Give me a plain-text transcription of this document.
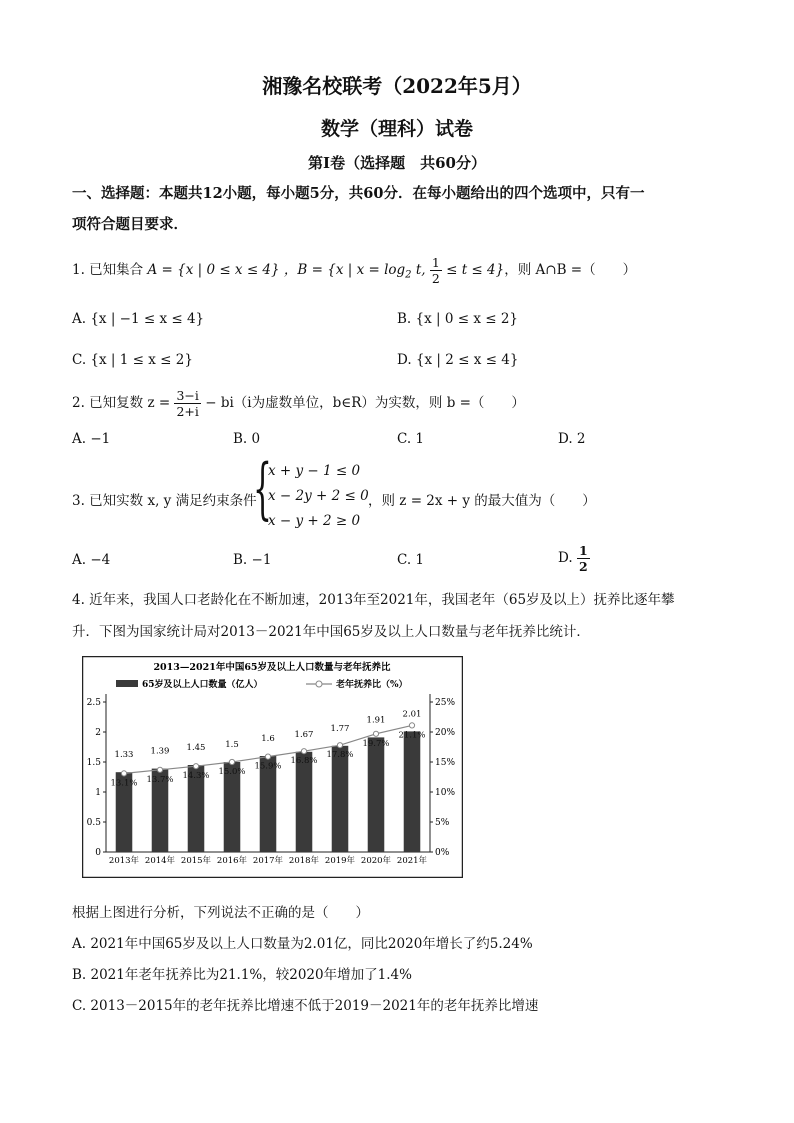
湘豫名校联考（2022年5月）
数学（理科）试卷
第Ⅰ卷（选择题　共60分）
一、选择题：本题共12小题，每小题5分，共60分．在每小题给出的四个选项中，只有一
项符合题目要求．
1. 已知集合 A = {x | 0 ≤ x ≤ 4} ，B = {x | $x = \log_2 t$, $\frac{1}{2} \le t \le 4$}，则 A∩B =（　　）
A. {x | −1 ≤ x ≤ 4}	B. {x | 0 ≤ x ≤ 2}
C. {x | 1 ≤ x ≤ 2}	D. {x | 2 ≤ x ≤ 4}
2. 已知复数 $z = \frac{3-i}{2+i} - bi(i$为虚数单位，b∈R）为实数，则 b =（　　）
A. −1	B. 0	C. 1	D. 2
3. 已知实数 x, y 满足约束条件
{
x + y − 1 ≤ 0
x − 2y + 2 ≤ 0
x − y + 2 ≥ 0
，则 z = 2x + y 的最大值为（　　）
A. −4	B. −1	C. 1	D. $\frac{1}{2}$
4. 近年来，我国人口老龄化在不断加速，2013年至2021年，我国老年（65岁及以上）抚养比逐年攀
升．下图为国家统计局对2013－2021年中国65岁及以上人口数量与老年抚养比统计．
2013—2021年中国65岁及以上人口数量与老年抚养比
65岁及以上人口数量（亿人）	老年抚养比（%）
0
0.5
1
1.5
2
2.5
0%
5%
10%
15%
20%
25%
2013年
1.33
13.1%
2014年
1.39
13.7%
2015年
1.45
14.3%
2016年
1.5
15.0%
2017年
1.6
15.9%
2018年
1.67
16.8%
2019年
1.77
17.8%
2020年
1.91
19.7%
2021年
2.01
21.1%
根据上图进行分析，下列说法不正确的是（　　）
A. 2021年中国65岁及以上人口数量为2.01亿，同比2020年增长了约5.24%
B. 2021年老年抚养比为21.1%，较2020年增加了1.4%
C. 2013－2015年的老年抚养比增速不低于2019－2021年的老年抚养比增速
